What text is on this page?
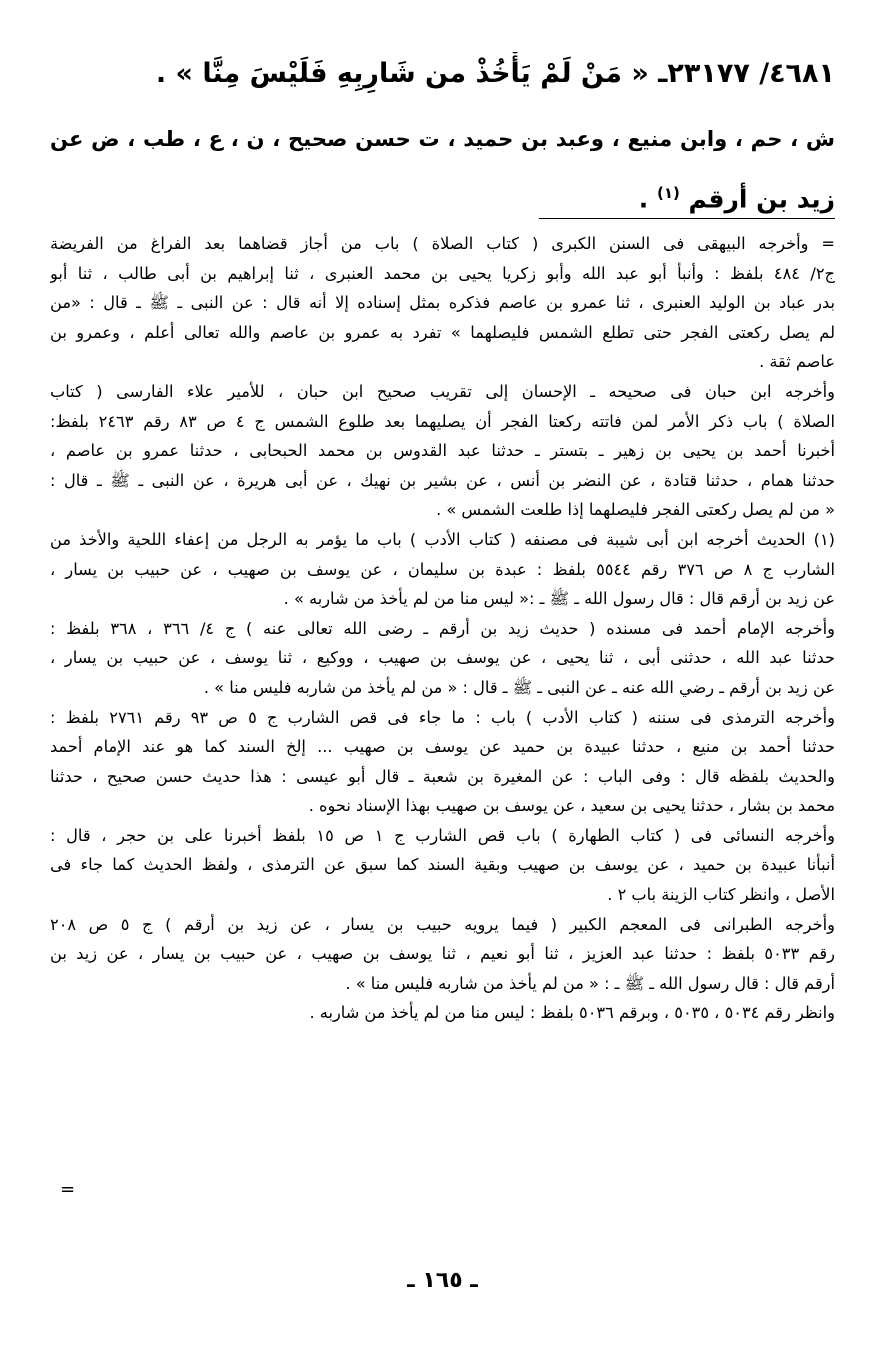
٤٦٨١/ ٢٣١٧٧ـ « مَنْ لَمْ يَأْخُذْ من شَارِبِهِ فَلَيْسَ مِنَّا » .
ش ، حم ، وابن منيع ، وعبد بن حميد ، ت حسن صحيح ، ن ، ع ، طب ، ض عن
زيد بن أرقم $^{(١)}$ .
= وأخرجه البيهقى فى السنن الكبرى ( كتاب الصلاة ) باب من أجاز قضاهما بعد الفراغ من الفريضة
ج٢/ ٤٨٤ بلفظ : وأنبأ أبو عبد الله وأبو زكريا يحيى بن محمد العنبرى ، ثنا إبراهيم بن أبى طالب ، ثنا أبو
بدر عباد بن الوليد العنبرى ، ثنا عمرو بن عاصم فذكره بمثل إسناده إلا أنه قال : عن النبى ـ ﷺ ـ قال : «من
لم يصل ركعتى الفجر حتى تطلع الشمس فليصلهما » تفرد به عمرو بن عاصم والله تعالى أعلم ، وعمرو بن
عاصم ثقة .
وأخرجه ابن حبان فى صحيحه ـ الإحسان إلى تقريب صحيح ابن حبان ، للأمير علاء الفارسى ( كتاب
الصلاة ) باب ذكر الأمر لمن فاتته ركعتا الفجر أن يصليهما بعد طلوع الشمس ج ٤ ص ٨٣ رقم ٢٤٦٣ بلفظ:
أخبرنا أحمد بن يحيى بن زهير ـ بتستر ـ حدثنا عبد القدوس بن محمد الحبحابى ، حدثنا عمرو بن عاصم ،
حدثنا همام ، حدثنا قتادة ، عن النضر بن أنس ، عن بشير بن نهيك ، عن أبى هريرة ، عن النبى ـ ﷺ ـ قال :
« من لم يصل ركعتى الفجر فليصلهما إذا طلعت الشمس » .
(١) الحديث أخرجه ابن أبى شيبة فى مصنفه ( كتاب الأدب ) باب ما يؤمر به الرجل من إعفاء اللحية والأخذ من
الشارب ج ٨ ص ٣٧٦ رقم ٥٥٤٤ بلفظ : عبدة بن سليمان ، عن يوسف بن صهيب ، عن حبيب بن يسار ،
عن زيد بن أرقم قال : قال رسول الله ـ ﷺ ـ :« ليس منا من لم يأخذ من شاربه » .
وأخرجه الإمام أحمد فى مسنده ( حديث زيد بن أرقم ـ رضى الله تعالى عنه ) ج ٤/ ٣٦٦ ، ٣٦٨ بلفظ :
حدثنا عبد الله ، حدثنى أبى ، ثنا يحيى ، عن يوسف بن صهيب ، ووكيع ، ثنا يوسف ، عن حبيب بن يسار ،
عن زيد بن أرقم ـ رضي الله عنه ـ عن النبى ـ ﷺ ـ قال : « من لم يأخذ من شاربه فليس منا » .
وأخرجه الترمذى فى سننه ( كتاب الأدب ) باب : ما جاء فى قص الشارب ج ٥ ص ٩٣ رقم ٢٧٦١ بلفظ :
حدثنا أحمد بن منيع ، حدثنا عبيدة بن حميد عن يوسف بن صهيب ... إلخ السند كما هو عند الإمام أحمد
والحديث بلفظه قال : وفى الباب : عن المغيرة بن شعبة ـ قال أبو عيسى : هذا حديث حسن صحيح ، حدثنا
محمد بن بشار ، حدثنا يحيى بن سعيد ، عن يوسف بن صهيب بهذا الإسناد نحوه .
وأخرجه النسائى فى ( كتاب الطهارة ) باب قص الشارب ج ١ ص ١٥ بلفظ أخبرنا على بن حجر ، قال :
أنبأنا عبيدة بن حميد ، عن يوسف بن صهيب وبقية السند كما سبق عن الترمذى ، ولفظ الحديث كما جاء فى
الأصل ، وانظر كتاب الزينة باب ٢ .
وأخرجه الطبرانى فى المعجم الكبير ( فيما يرويه حبيب بن يسار ، عن زيد بن أرقم ) ج ٥ ص ٢٠٨
رقم ٥٠٣٣ بلفظ : حدثنا عبد العزيز ، ثنا أبو نعيم ، ثنا يوسف بن صهيب ، عن حبيب بن يسار ، عن زيد بن
أرقم قال : قال رسول الله ـ ﷺ ـ : « من لم يأخذ من شاربه فليس منا » .
وانظر رقم ٥٠٣٤ ، ٥٠٣٥ ، وبرقم ٥٠٣٦ بلفظ : ليس منا من لم يأخذ من شاربه .
=
ـ ١٦٥ ـ
